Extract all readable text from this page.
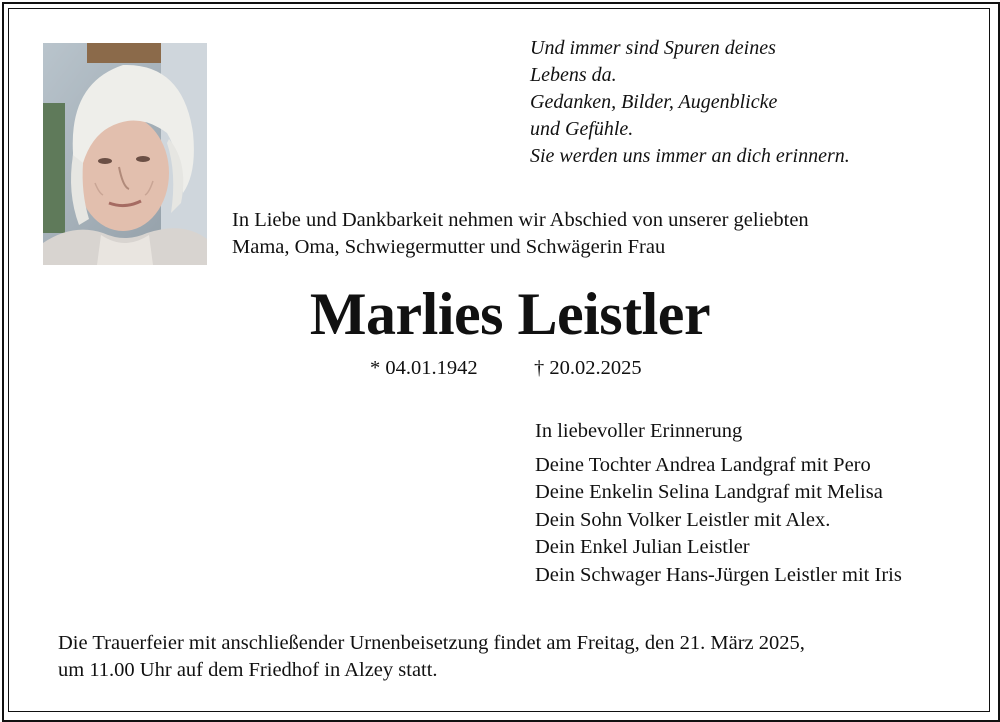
Und immer sind Spuren deines
Lebens da.
Gedanken, Bilder, Augenblicke
und Gefühle.
Sie werden uns immer an dich erinnern.
In Liebe und Dankbarkeit nehmen wir Abschied von unserer geliebten
Mama, Oma, Schwiegermutter und Schwägerin Frau
Marlies Leistler
* 04.01.1942	† 20.02.2025
In liebevoller Erinnerung
Deine Tochter Andrea Landgraf mit Pero
Deine Enkelin Selina Landgraf mit Melisa
Dein Sohn Volker Leistler mit Alex.
Dein Enkel Julian Leistler
Dein Schwager Hans-Jürgen Leistler mit Iris
Die Trauerfeier mit anschließender Urnenbeisetzung findet am Freitag, den 21. März 2025,
um 11.00 Uhr auf dem Friedhof in Alzey statt.
